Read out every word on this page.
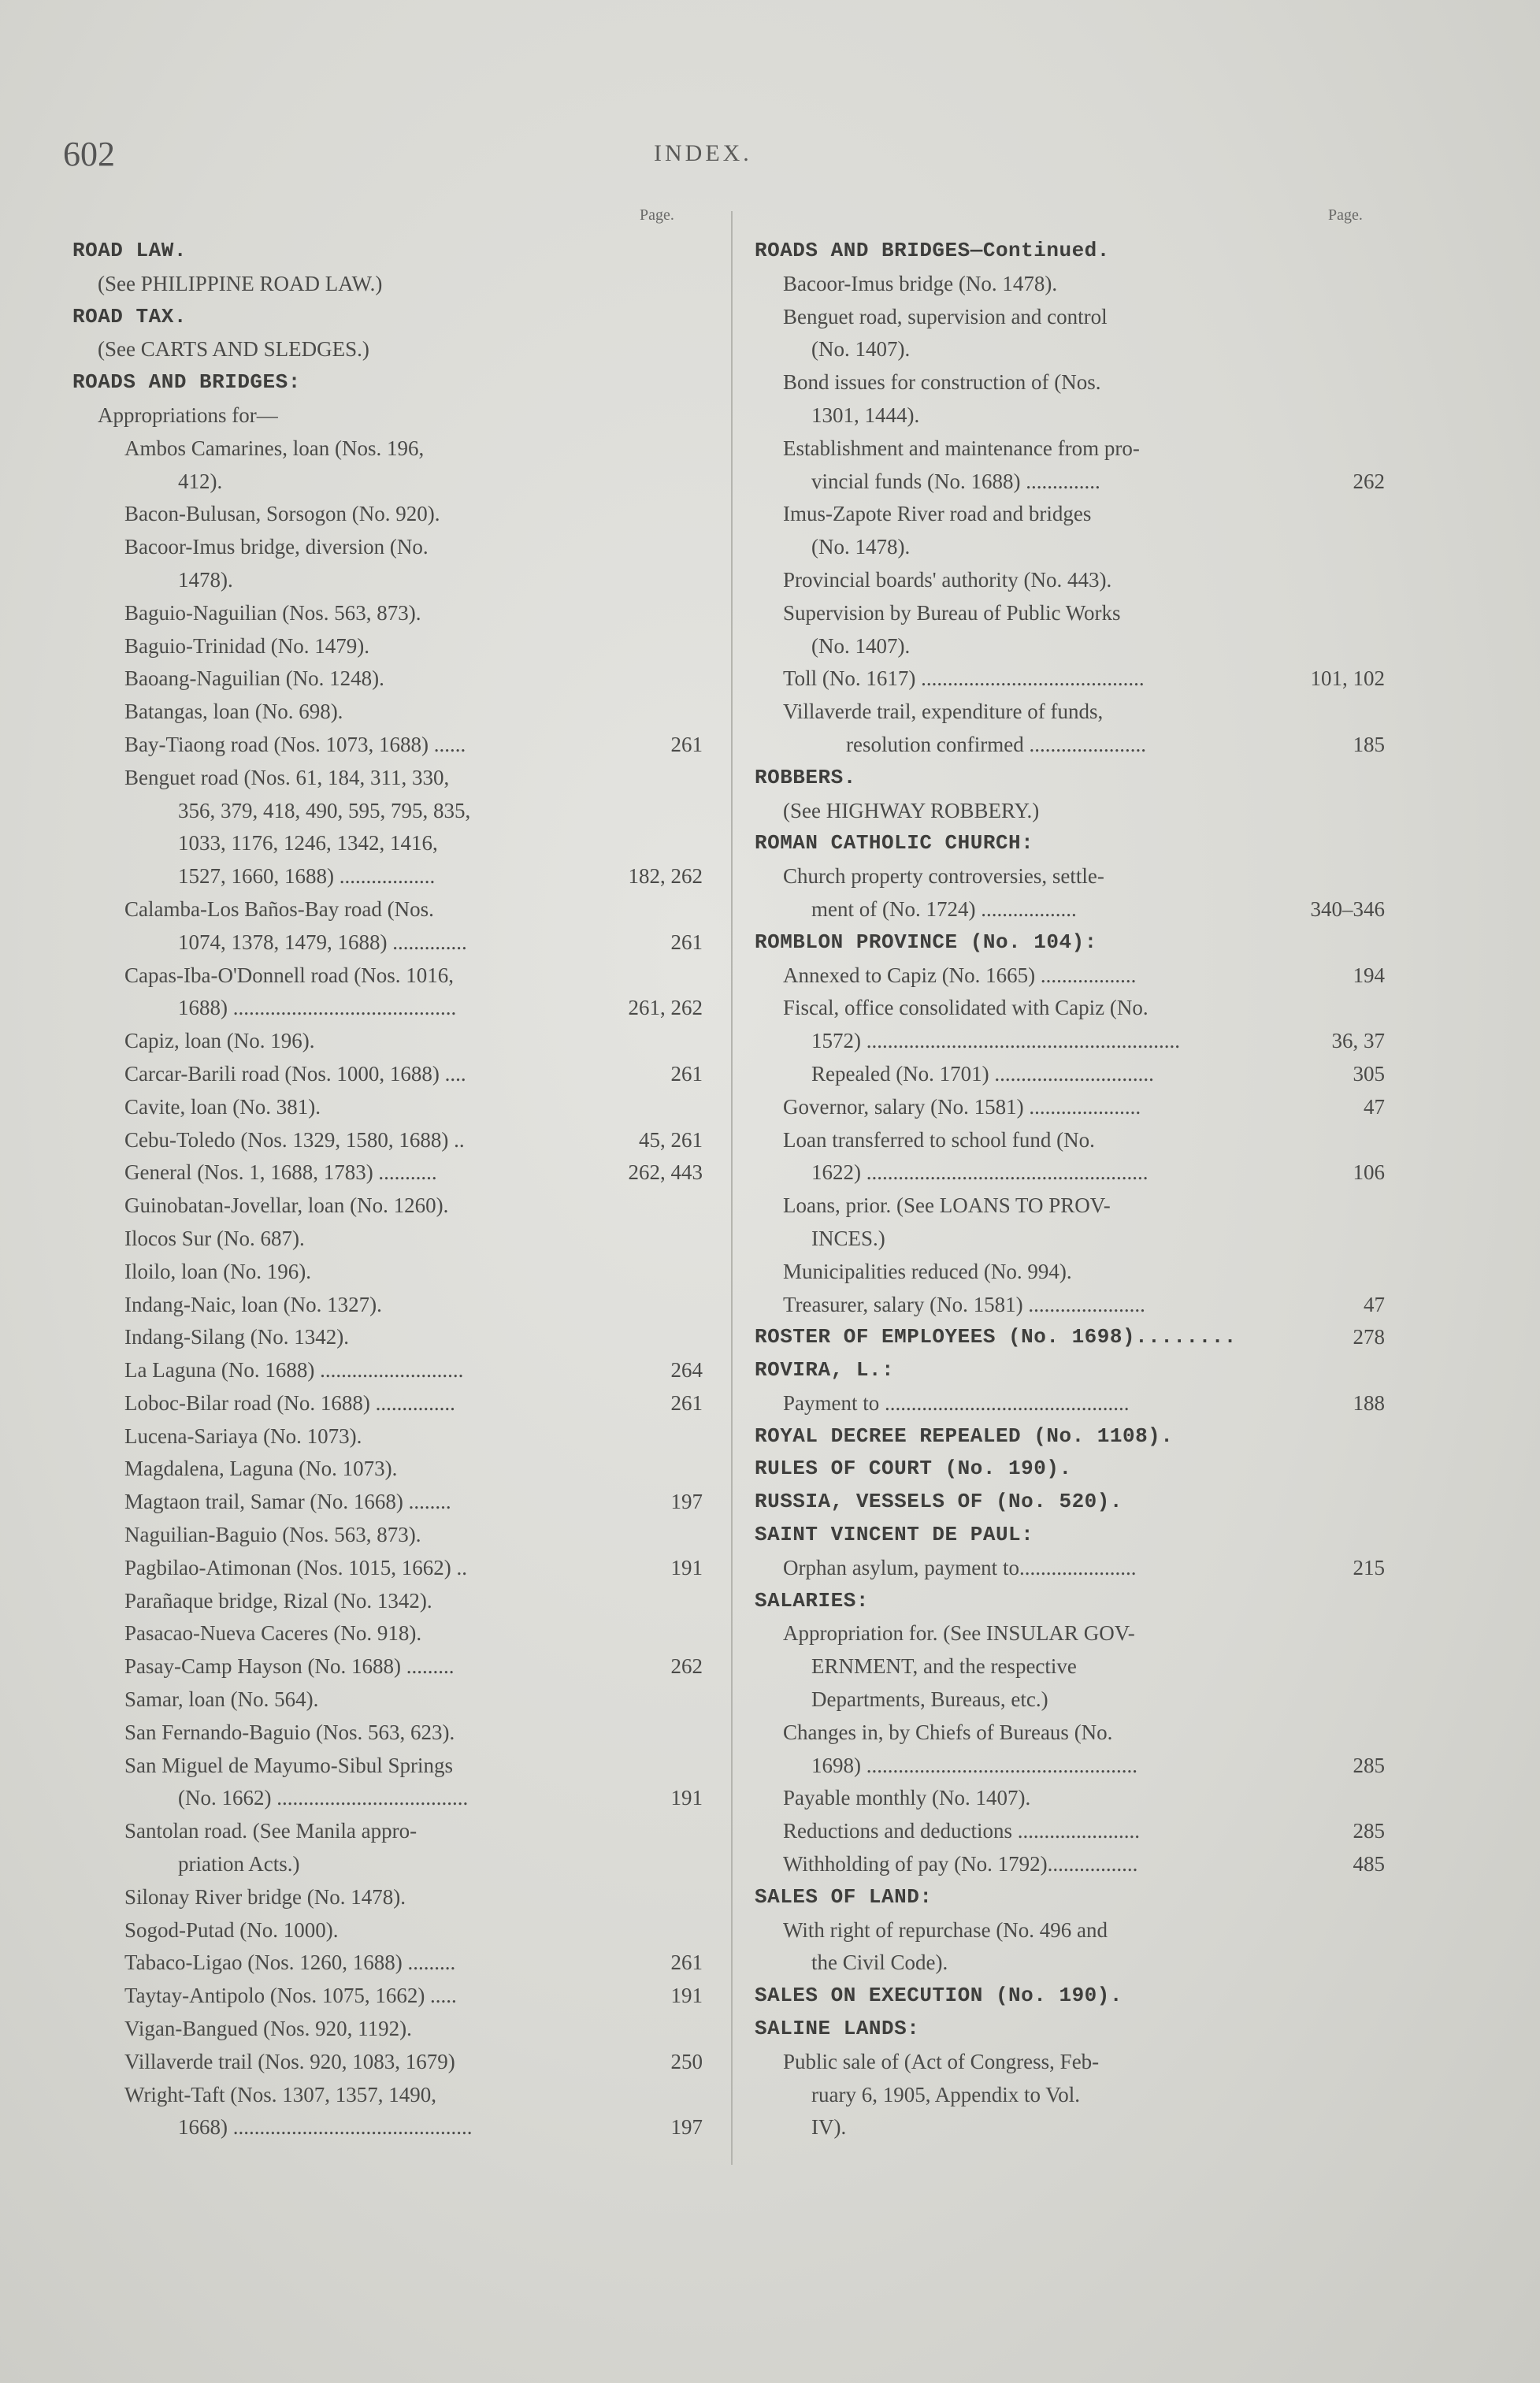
602	INDEX.
Page.
ROAD LAW.
(See PHILIPPINE ROAD LAW.)
ROAD TAX.
(See CARTS AND SLEDGES.)
ROADS AND BRIDGES:
Appropriations for—
Ambos Camarines, loan (Nos. 196,
412).
Bacon-Bulusan, Sorsogon (No. 920).
Bacoor-Imus bridge, diversion (No.
1478).
Baguio-Naguilian (Nos. 563, 873).
Baguio-Trinidad (No. 1479).
Baoang-Naguilian (No. 1248).
Batangas, loan (No. 698).
Bay-Tiaong road (Nos. 1073, 1688) ......	261
Benguet road (Nos. 61, 184, 311, 330,
356, 379, 418, 490, 595, 795, 835,
1033, 1176, 1246, 1342, 1416,
1527, 1660, 1688) ..................	182, 262
Calamba-Los Baños-Bay road (Nos.
1074, 1378, 1479, 1688) ..............	261
Capas-Iba-O'Donnell road (Nos. 1016,
1688) ..........................................	261, 262
Capiz, loan (No. 196).
Carcar-Barili road (Nos. 1000, 1688) ....	261
Cavite, loan (No. 381).
Cebu-Toledo (Nos. 1329, 1580, 1688) ..	45, 261
General (Nos. 1, 1688, 1783) ...........	262, 443
Guinobatan-Jovellar, loan (No. 1260).
Ilocos Sur (No. 687).
Iloilo, loan (No. 196).
Indang-Naic, loan (No. 1327).
Indang-Silang (No. 1342).
La Laguna (No. 1688) ...........................	264
Loboc-Bilar road (No. 1688) ...............	261
Lucena-Sariaya (No. 1073).
Magdalena, Laguna (No. 1073).
Magtaon trail, Samar (No. 1668) ........	197
Naguilian-Baguio (Nos. 563, 873).
Pagbilao-Atimonan (Nos. 1015, 1662) ..	191
Parañaque bridge, Rizal (No. 1342).
Pasacao-Nueva Caceres (No. 918).
Pasay-Camp Hayson (No. 1688) .........	262
Samar, loan (No. 564).
San Fernando-Baguio (Nos. 563, 623).
San Miguel de Mayumo-Sibul Springs
(No. 1662) ....................................	191
Santolan road. (See Manila appro-
priation Acts.)
Silonay River bridge (No. 1478).
Sogod-Putad (No. 1000).
Tabaco-Ligao (Nos. 1260, 1688) .........	261
Taytay-Antipolo (Nos. 1075, 1662) .....	191
Vigan-Bangued (Nos. 920, 1192).
Villaverde trail (Nos. 920, 1083, 1679)	250
Wright-Taft (Nos. 1307, 1357, 1490,
1668) .............................................	197
Page.
ROADS AND BRIDGES—Continued.
Bacoor-Imus bridge (No. 1478).
Benguet road, supervision and control
(No. 1407).
Bond issues for construction of (Nos.
1301, 1444).
Establishment and maintenance from pro-
vincial funds (No. 1688) ..............	262
Imus-Zapote River road and bridges
(No. 1478).
Provincial boards' authority (No. 443).
Supervision by Bureau of Public Works
(No. 1407).
Toll (No. 1617) ..........................................	101, 102
Villaverde trail, expenditure of funds,
resolution confirmed ......................	185
ROBBERS.
(See HIGHWAY ROBBERY.)
ROMAN CATHOLIC CHURCH:
Church property controversies, settle-
ment of (No. 1724) ..................	340–346
ROMBLON PROVINCE (No. 104):
Annexed to Capiz (No. 1665) ..................	194
Fiscal, office consolidated with Capiz (No.
1572) ...........................................................	36, 37
Repealed (No. 1701) ..............................	305
Governor, salary (No. 1581) .....................	47
Loan transferred to school fund (No.
1622) .....................................................	106
Loans, prior. (See LOANS TO PROV-
INCES.)
Municipalities reduced (No. 994).
Treasurer, salary (No. 1581) ......................	47
ROSTER OF EMPLOYEES (No. 1698)........	278
ROVIRA, L.:
Payment to ..............................................	188
ROYAL DECREE REPEALED (No. 1108).
RULES OF COURT (No. 190).
RUSSIA, VESSELS OF (No. 520).
SAINT VINCENT DE PAUL:
Orphan asylum, payment to......................	215
SALARIES:
Appropriation for. (See INSULAR GOV-
ERNMENT, and the respective
Departments, Bureaus, etc.)
Changes in, by Chiefs of Bureaus (No.
1698) ...................................................	285
Payable monthly (No. 1407).
Reductions and deductions .......................	285
Withholding of pay (No. 1792).................	485
SALES OF LAND:
With right of repurchase (No. 496 and
the Civil Code).
SALES ON EXECUTION (No. 190).
SALINE LANDS:
Public sale of (Act of Congress, Feb-
ruary 6, 1905, Appendix to Vol.
IV).
